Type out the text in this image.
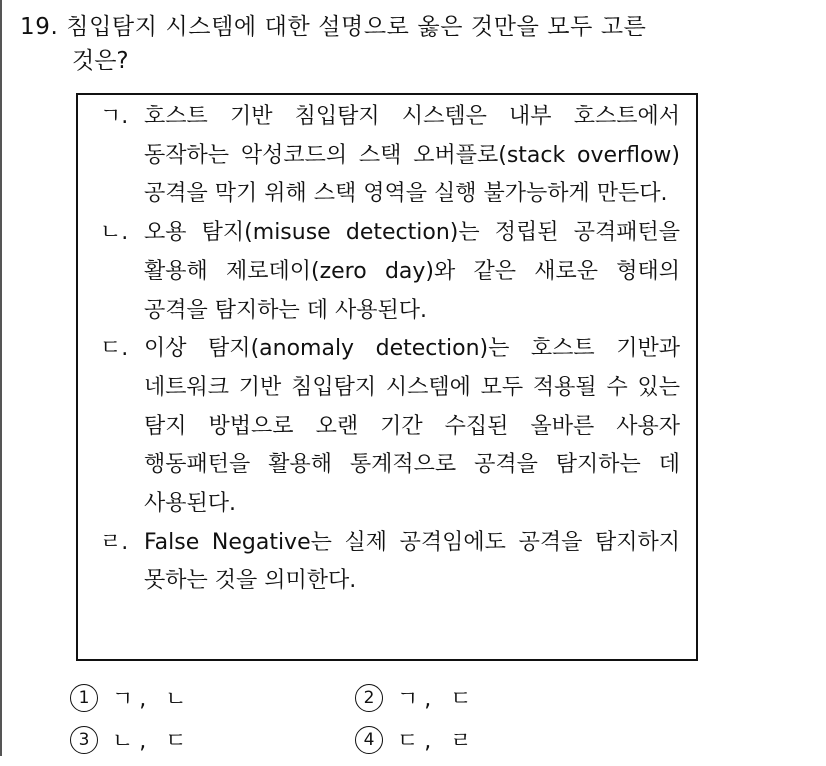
19. 침입탐지 시스템에 대한 설명으로 옳은 것만을 모두 고른
것은?
ㄱ. 호스트 기반 침입탐지 시스템은 내부 호스트에서 동작하는 악성코드의 스택 오버플로(stack overflow) 공격을 막기 위해 스택 영역을 실행 불가능하게 만든다.
ㄴ. 오용 탐지(misuse detection)는 정립된 공격패턴을 활용해 제로데이(zero day)와 같은 새로운 형태의 공격을 탐지하는 데 사용된다.
ㄷ. 이상 탐지(anomaly detection)는 호스트 기반과 네트워크 기반 침입탐지 시스템에 모두 적용될 수 있는 탐지 방법으로 오랜 기간 수집된 올바른 사용자 행동패턴을 활용해 통계적으로 공격을 탐지하는 데 사용된다.
ㄹ. False Negative는 실제 공격임에도 공격을 탐지하지 못하는 것을 의미한다.
1 ㄱ, ㄴ	2 ㄱ, ㄷ
3 ㄴ, ㄷ	4 ㄷ, ㄹ
